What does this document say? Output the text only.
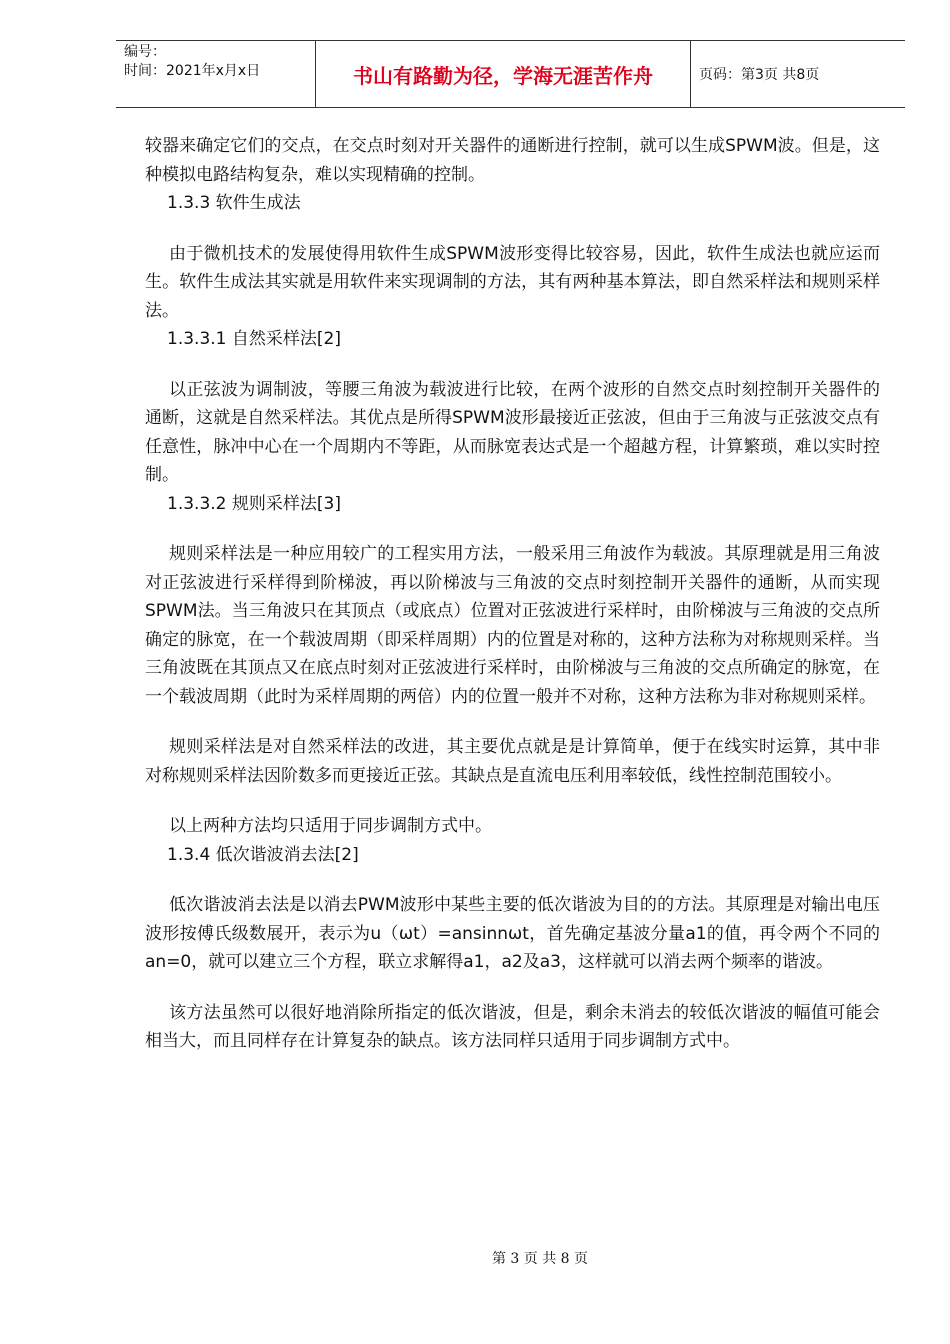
编号：
时间：2021年x月x日	书山有路勤为径，学海无涯苦作舟	页码：第3页 共8页

较器来确定它们的交点，在交点时刻对开关器件的通断进行控制，就可以生成SPWM波。但是，这种模拟电路结构复杂，难以实现精确的控制。

1.3.3 软件生成法

由于微机技术的发展使得用软件生成SPWM波形变得比较容易，因此，软件生成法也就应运而生。软件生成法其实就是用软件来实现调制的方法，其有两种基本算法，即自然采样法和规则采样法。

1.3.3.1 自然采样法[2]

以正弦波为调制波，等腰三角波为载波进行比较，在两个波形的自然交点时刻控制开关器件的通断，这就是自然采样法。其优点是所得SPWM波形最接近正弦波，但由于三角波与正弦波交点有任意性，脉冲中心在一个周期内不等距，从而脉宽表达式是一个超越方程，计算繁琐，难以实时控制。

1.3.3.2 规则采样法[3]

规则采样法是一种应用较广的工程实用方法，一般采用三角波作为载波。其原理就是用三角波对正弦波进行采样得到阶梯波，再以阶梯波与三角波的交点时刻控制开关器件的通断，从而实现SPWM法。当三角波只在其顶点（或底点）位置对正弦波进行采样时，由阶梯波与三角波的交点所确定的脉宽，在一个载波周期（即采样周期）内的位置是对称的，这种方法称为对称规则采样。当三角波既在其顶点又在底点时刻对正弦波进行采样时，由阶梯波与三角波的交点所确定的脉宽，在一个载波周期（此时为采样周期的两倍）内的位置一般并不对称，这种方法称为非对称规则采样。

规则采样法是对自然采样法的改进，其主要优点就是是计算简单，便于在线实时运算，其中非对称规则采样法因阶数多而更接近正弦。其缺点是直流电压利用率较低，线性控制范围较小。

以上两种方法均只适用于同步调制方式中。

1.3.4 低次谐波消去法[2]

低次谐波消去法是以消去PWM波形中某些主要的低次谐波为目的的方法。其原理是对输出电压波形按傅氏级数展开，表示为u（ωt）=ansinnωt，首先确定基波分量a1的值，再令两个不同的an=0，就可以建立三个方程，联立求解得a1，a2及a3，这样就可以消去两个频率的谐波。

该方法虽然可以很好地消除所指定的低次谐波，但是，剩余未消去的较低次谐波的幅值可能会相当大，而且同样存在计算复杂的缺点。该方法同样只适用于同步调制方式中。

第 3 页 共 8 页
